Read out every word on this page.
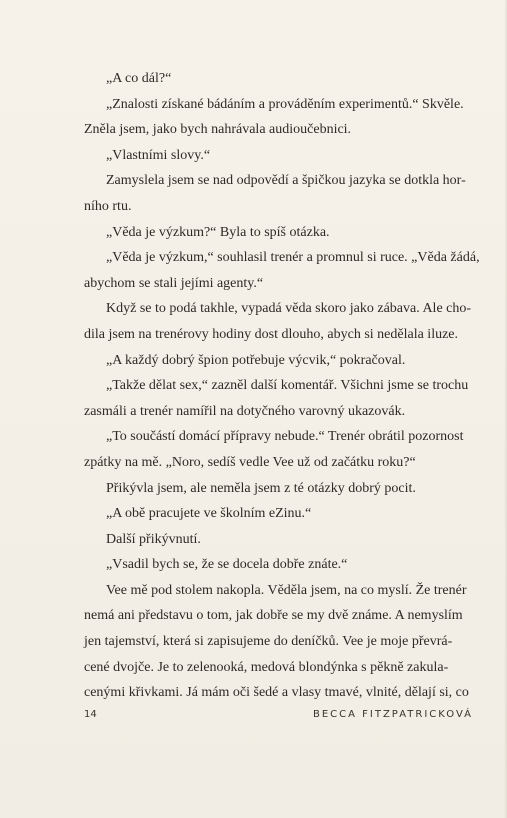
„A co dál?“
„Znalosti získané bádáním a prováděním experimentů.“ Skvěle.
Zněla jsem, jako bych nahrávala audioučebnici.
„Vlastními slovy.“
Zamyslela jsem se nad odpovědí a špičkou jazyka se dotkla hor-
ního rtu.
„Věda je výzkum?“ Byla to spíš otázka.
„Věda je výzkum,“ souhlasil trenér a promnul si ruce. „Věda žádá,
abychom se stali jejími agenty.“
Když se to podá takhle, vypadá věda skoro jako zábava. Ale cho-
dila jsem na trenérovy hodiny dost dlouho, abych si nedělala iluze.
„A každý dobrý špion potřebuje výcvik,“ pokračoval.
„Takže dělat sex,“ zazněl další komentář. Všichni jsme se trochu
zasmáli a trenér namířil na dotyčného varovný ukazovák.
„To součástí domácí přípravy nebude.“ Trenér obrátil pozornost
zpátky na mě. „Noro, sedíš vedle Vee už od začátku roku?“
Přikývla jsem, ale neměla jsem z té otázky dobrý pocit.
„A obě pracujete ve školním eZinu.“
Další přikývnutí.
„Vsadil bych se, že se docela dobře znáte.“
Vee mě pod stolem nakopla. Věděla jsem, na co myslí. Že trenér
nemá ani představu o tom, jak dobře se my dvě známe. A nemyslím
jen tajemství, která si zapisujeme do deníčků. Vee je moje převrá-
cené dvojče. Je to zelenooká, medová blondýnka s pěkně zakula-
cenými křivkami. Já mám oči šedé a vlasy tmavé, vlnité, dělají si, co
14	BECCA FITZPATRICKOVÁ
